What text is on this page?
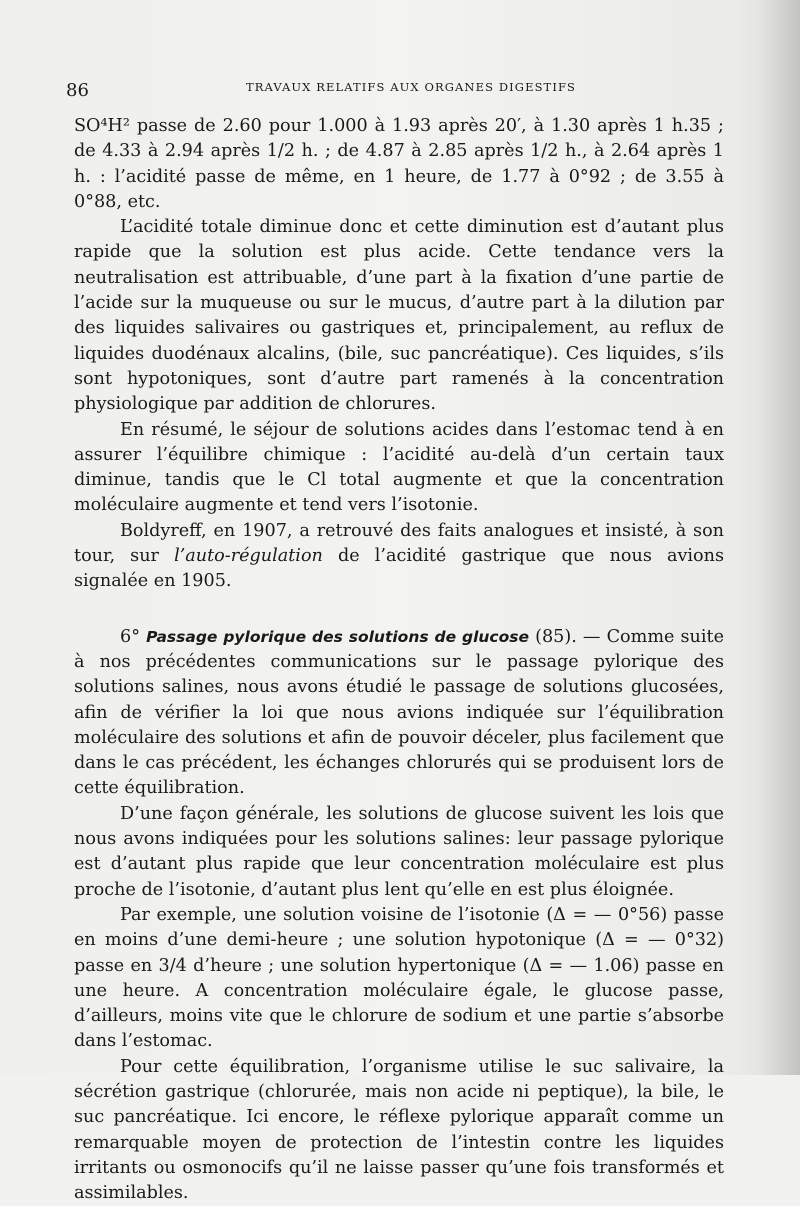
86	TRAVAUX RELATIFS AUX ORGANES DIGESTIFS

SO⁴H² passe de 2.60 pour 1.000 à 1.93 après 20′, à 1.30 après 1 h.35 ; de 4.33 à 2.94 après 1/2 h. ; de 4.87 à 2.85 après 1/2 h., à 2.64 après 1 h. : l’acidité passe de même, en 1 heure, de 1.77 à 0°92 ; de 3.55 à 0°88, etc.

L’acidité totale diminue donc et cette diminution est d’autant plus rapide que la solution est plus acide. Cette tendance vers la neutralisation est attribuable, d’une part à la fixation d’une partie de l’acide sur la muqueuse ou sur le mucus, d’autre part à la dilution par des liquides salivaires ou gastriques et, principalement, au reflux de liquides duodénaux alcalins, (bile, suc pancréatique). Ces liquides, s’ils sont hypotoniques, sont d’autre part ramenés à la concentration physiologique par addition de chlorures.

En résumé, le séjour de solutions acides dans l’estomac tend à en assurer l’équilibre chimique : l’acidité au-delà d’un certain taux diminue, tandis que le Cl total augmente et que la concentration moléculaire augmente et tend vers l’isotonie.

Boldyreff, en 1907, a retrouvé des faits analogues et insisté, à son tour, sur l’auto-régulation de l’acidité gastrique que nous avions signalée en 1905.

6° Passage pylorique des solutions de glucose (85). — Comme suite à nos précédentes communications sur le passage pylorique des solutions salines, nous avons étudié le passage de solutions glucosées, afin de vérifier la loi que nous avions indiquée sur l’équilibration moléculaire des solutions et afin de pouvoir déceler, plus facilement que dans le cas précédent, les échanges chlorurés qui se produisent lors de cette équilibration.

D’une façon générale, les solutions de glucose suivent les lois que nous avons indiquées pour les solutions salines: leur passage pylorique est d’autant plus rapide que leur concentration moléculaire est plus proche de l’isotonie, d’autant plus lent qu’elle en est plus éloignée.

Par exemple, une solution voisine de l’isotonie (Δ = — 0°56) passe en moins d’une demi-heure ; une solution hypotonique (Δ = — 0°32) passe en 3/4 d’heure ; une solution hypertonique (Δ = — 1.06) passe en une heure. A concentration moléculaire égale, le glucose passe, d’ailleurs, moins vite que le chlorure de sodium et une partie s’absorbe dans l’estomac.

Pour cette équilibration, l’organisme utilise le suc salivaire, la sécrétion gastrique (chlorurée, mais non acide ni peptique), la bile, le suc pancréatique. Ici encore, le réflexe pylorique apparaît comme un remarquable moyen de protection de l’intestin contre les liquides irritants ou osmonocifs qu’il ne laisse passer qu’une fois transformés et assimilables.
